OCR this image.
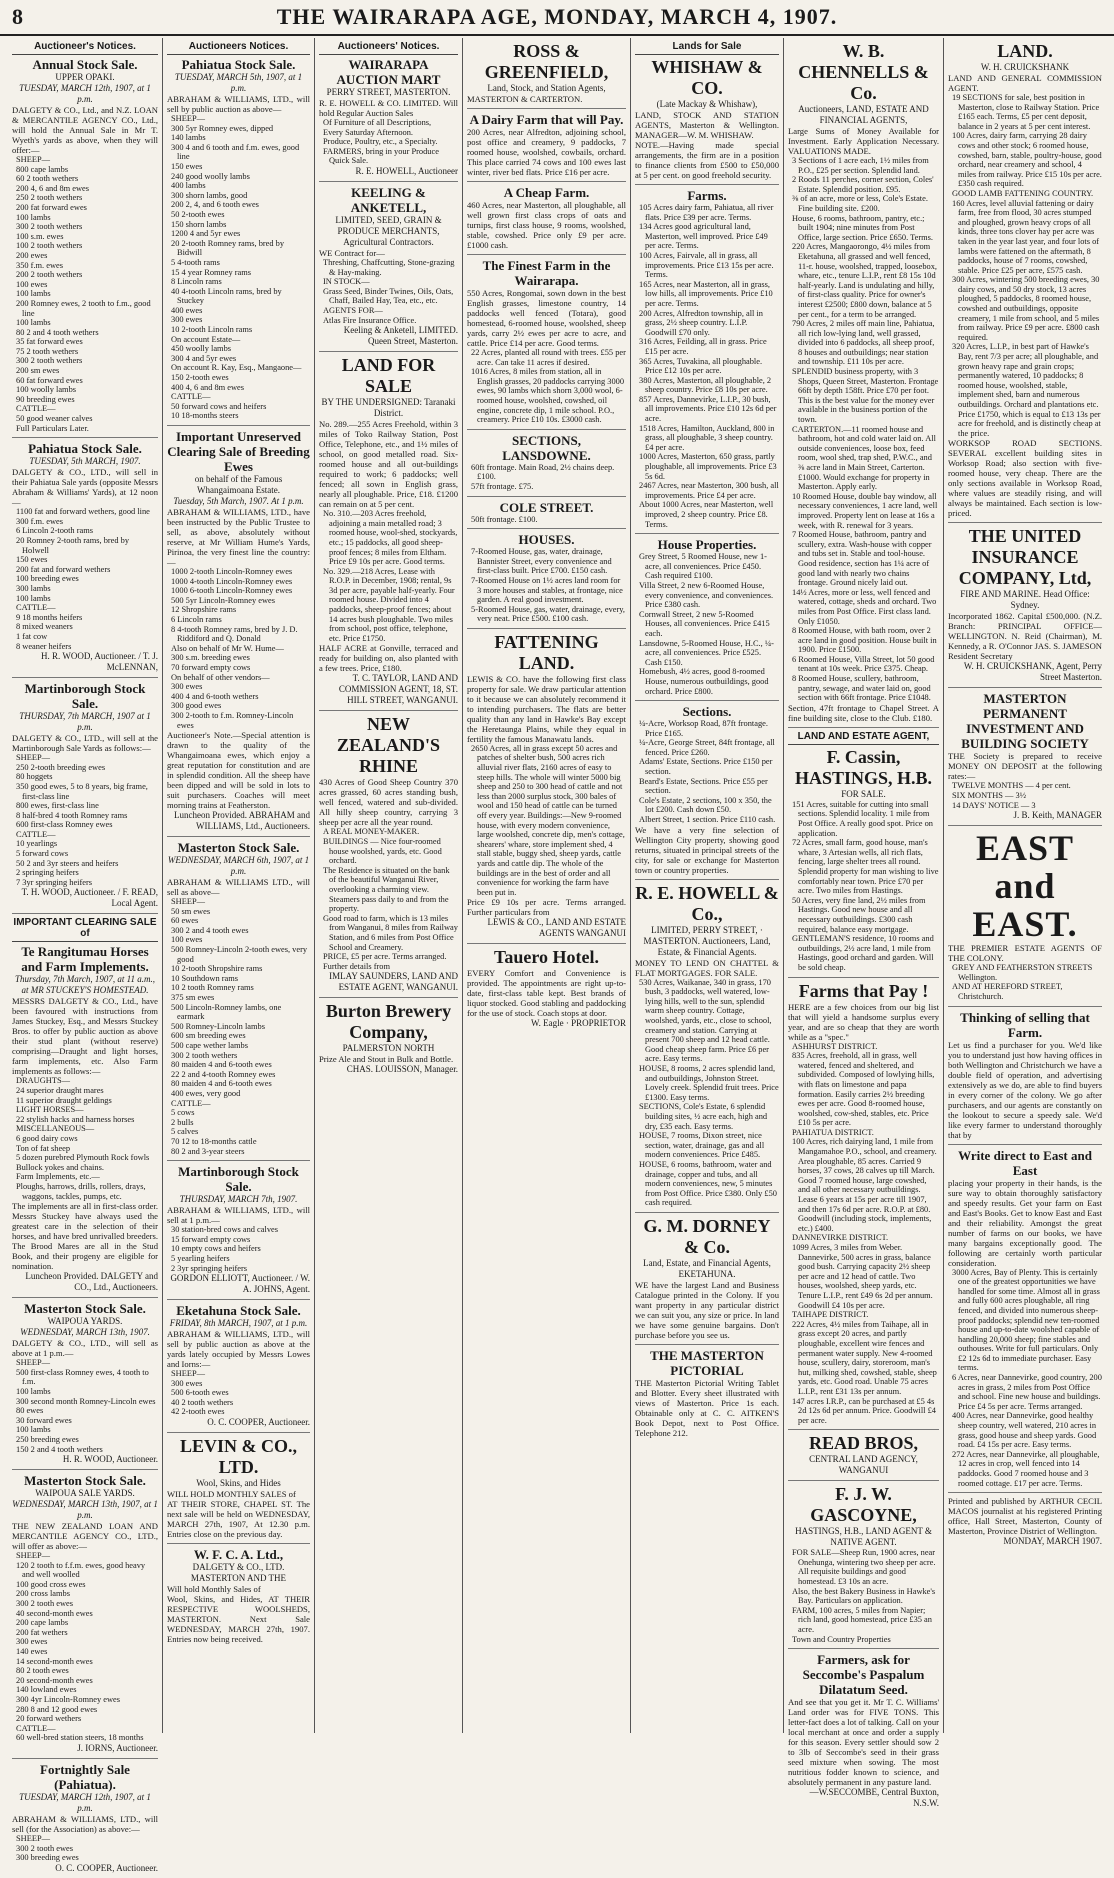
8	THE WAIRARAPA AGE, MONDAY, MARCH 4, 1907.
Auctioneer's Notices.
Annual Stock Sale.
UPPER OPAKI.
TUESDAY, MARCH 12th, 1907, at 1 p.m.
DALGETY & CO., Ltd., and N.Z. LOAN & MERCANTILE AGENCY CO., Ltd., will hold the Annual Sale in Mr T. Wyeth's yards as above, when they will offer:—
SHEEP—
800 cape lambs
60 2 tooth wethers
200 4, 6 and 8m ewes
250 2 tooth wethers
200 fat forward ewes
100 lambs
300 2 tooth wethers
100 s.m. ewes
100 2 tooth wethers
200 ewes
350 f.m. ewes
200 2 tooth wethers
100 ewes
100 lambs
200 Romney ewes, 2 tooth to f.m., good line
100 lambs
80 2 and 4 tooth wethers
35 fat forward ewes
75 2 tooth wethers
300 2 tooth wethers
200 sm ewes
60 fat forward ewes
100 woolly lambs
90 breeding ewes
CATTLE—
50 good weaner calves
Full Particulars Later.
Pahiatua Stock Sale.
TUESDAY, 5th MARCH, 1907.
DALGETY & CO., LTD., will sell in their Pahiatua Sale yards (opposite Messrs Abraham & Williams' Yards), at 12 noon—
1100 fat and forward wethers, good line
300 f.m. ewes
6 Lincoln 2-tooth rams
20 Romney 2-tooth rams, bred by Holwell
150 ewes
200 fat and forward wethers
100 breeding ewes
300 lambs
100 lambs
CATTLE—
9 18 months heifers
8 mixed weaners
1 fat cow
8 weaner heifers
H. R. WOOD, Auctioneer. / T. J. McLENNAN,
Martinborough Stock Sale.
THURSDAY, 7th MARCH, 1907 at 1 p.m.
DALGETY & CO., LTD., will sell at the Martinborough Sale Yards as follows:—
SHEEP—
250 2-tooth breeding ewes
80 hoggets
350 good ewes, 5 to 8 years, big frame, first-class line
800 ewes, first-class line
8 half-bred 4 tooth Romney rams
600 first-class Romney ewes
CATTLE—
10 yearlings
5 forward cows
50 2 and 3yr steers and heifers
2 springing heifers
7 3yr springing heifers
T. H. WOOD, Auctioneer. / F. READ, Local Agent.
IMPORTANT CLEARING SALE of
Te Rangitumau Horses and Farm Implements.
Thursday, 7th March, 1907, at 11 a.m., at MR STUCKEY'S HOMESTEAD.
MESSRS DALGETY & CO., Ltd., have been favoured with instructions from James Stuckey, Esq., and Messrs Stuckey Bros. to offer by public auction as above their stud plant (without reserve) comprising—Draught and light horses, farm implements, etc. Also Farm implements as follows:—
DRAUGHTS—
24 superior draught mares
11 superior draught geldings
LIGHT HORSES—
22 stylish hacks and harness horses
MISCELLANEOUS—
6 good dairy cows
Ton of fat sheep
5 dozen purebred Plymouth Rock fowls
Bullock yokes and chains.
Farm Implements, etc.—
Ploughs, harrows, drills, rollers, drays, waggons, tackles, pumps, etc.
The implements are all in first-class order. Messrs Stuckey have always used the greatest care in the selection of their horses, and have bred unrivalled breeders. The Brood Mares are all in the Stud Book, and their progeny are eligible for nomination.
Luncheon Provided. DALGETY and CO., Ltd., Auctioneers.
Masterton Stock Sale.
WAIPOUA YARDS.
WEDNESDAY, MARCH 13th, 1907.
DALGETY & CO., LTD., will sell as above at 1 p.m.—
SHEEP—
500 first-class Romney ewes, 4 tooth to f.m.
100 lambs
300 second month Romney-Lincoln ewes
80 ewes
30 forward ewes
100 lambs
250 breeding ewes
150 2 and 4 tooth wethers
H. R. WOOD, Auctioneer.
Masterton Stock Sale.
WAIPOUA SALE YARDS.
WEDNESDAY, MARCH 13th, 1907, at 1 p.m.
THE NEW ZEALAND LOAN AND MERCANTILE AGENCY CO., LTD., will offer as above:—
SHEEP—
120 2 tooth to f.f.m. ewes, good heavy and well woolled
100 good cross ewes
200 cross lambs
300 2 tooth ewes
40 second-month ewes
200 cape lambs
200 fat wethers
300 ewes
140 ewes
14 second-month ewes
80 2 tooth ewes
20 second-month ewes
140 lowland ewes
300 4yr Lincoln-Romney ewes
280 8 and 12 good ewes
20 forward wethers
CATTLE—
60 well-bred station steers, 18 months
J. IORNS, Auctioneer.
Fortnightly Sale (Pahiatua).
TUESDAY, MARCH 12th, 1907, at 1 p.m.
ABRAHAM & WILLIAMS, LTD., will sell (for the Association) as above:—
SHEEP—
300 2 tooth ewes
300 breeding ewes
O. C. COOPER, Auctioneer.
Auctioneers Notices.
Pahiatua Stock Sale.
TUESDAY, MARCH 5th, 1907, at 1 p.m.
ABRAHAM & WILLIAMS, LTD., will sell by public auction as above—
SHEEP—
300 5yr Romney ewes, dipped
140 lambs
300 4 and 6 tooth and f.m. ewes, good line
150 ewes
240 good woolly lambs
400 lambs
300 shorn lambs, good
200 2, 4, and 6 tooth ewes
50 2-tooth ewes
150 shorn lambs
1200 4 and 5yr ewes
20 2-tooth Romney rams, bred by Bidwill
5 4-tooth rams
15 4 year Romney rams
8 Lincoln rams
40 4-tooth Lincoln rams, bred by Stuckey
400 ewes
300 ewes
10 2-tooth Lincoln rams
On account Estate—
450 woolly lambs
300 4 and 5yr ewes
On account R. Kay, Esq., Mangaone—
150 2-tooth ewes
400 4, 6 and 8m ewes
CATTLE—
50 forward cows and heifers
10 18-months steers
Important Unreserved Clearing Sale of Breeding Ewes
on behalf of the Famous Whangaimoana Estate.
Tuesday, 5th March, 1907. At 1 p.m.
ABRAHAM & WILLIAMS, LTD., have been instructed by the Public Trustee to sell, as above, absolutely without reserve, at Mr William Hume's Yards, Pirinoa, the very finest line the country:—
1000 2-tooth Lincoln-Romney ewes
1000 4-tooth Lincoln-Romney ewes
1000 6-tooth Lincoln-Romney ewes
500 5yr Lincoln-Romney ewes
12 Shropshire rams
6 Lincoln rams
8 4-tooth Romney rams, bred by J. D. Riddiford and Q. Donald
Also on behalf of Mr W. Hume—
300 s.m. breeding ewes
70 forward empty cows
On behalf of other vendors—
300 ewes
400 4 and 6-tooth wethers
300 good ewes
300 2-tooth to f.m. Romney-Lincoln ewes
Auctioneer's Note.—Special attention is drawn to the quality of the Whangaimoana ewes, which enjoy a great reputation for constitution and are in splendid condition. All the sheep have been dipped and will be sold in lots to suit purchasers. Coaches will meet morning trains at Featherston.
Luncheon Provided. ABRAHAM and WILLIAMS, Ltd., Auctioneers.
Masterton Stock Sale.
WEDNESDAY, MARCH 6th, 1907, at 1 p.m.
ABRAHAM & WILLIAMS LTD., will sell as above—
SHEEP—
50 sm ewes
60 ewes
300 2 and 4 tooth ewes
100 ewes
500 Romney-Lincoln 2-tooth ewes, very good
10 2-tooth Shropshire rams
10 Southdown rams
10 2 tooth Romney rams
375 sm ewes
500 Lincoln-Romney lambs, one earmark
500 Romney-Lincoln lambs
600 sm breeding ewes
500 cape wether lambs
300 2 tooth wethers
80 maiden 4 and 6-tooth ewes
22 2 and 4-tooth Romney ewes
80 maiden 4 and 6-tooth ewes
400 ewes, very good
CATTLE—
5 cows
2 bulls
5 calves
70 12 to 18-months cattle
80 2 and 3-year steers
Martinborough Stock Sale.
THURSDAY, MARCH 7th, 1907.
ABRAHAM & WILLIAMS, LTD., will sell at 1 p.m.—
30 station-bred cows and calves
15 forward empty cows
10 empty cows and heifers
5 yearling heifers
2 3yr springing heifers
GORDON ELLIOTT, Auctioneer. / W. A. JOHNS, Agent.
Eketahuna Stock Sale.
FRIDAY, 8th MARCH, 1907, at 1 p.m.
ABRAHAM & WILLIAMS, LTD., will sell by public auction as above at the yards lately occupied by Messrs Lowes and Iorns:—
SHEEP—
300 ewes
500 6-tooth ewes
40 2 tooth wethers
42 2-tooth ewes
O. C. COOPER, Auctioneer.
LEVIN & CO., LTD.
Wool, Skins, and Hides
WILL HOLD MONTHLY SALES of
AT THEIR STORE, CHAPEL ST. The next sale will be held on WEDNESDAY, MARCH 27th, 1907, At 12.30 p.m. Entries close on the previous day.
W. F. C. A. Ltd.,
DALGETY & CO., LTD. MASTERTON AND THE
Will hold Monthly Sales of
Wool, Skins, and Hides, AT THEIR RESPECTIVE WOOLSHEDS, MASTERTON. Next Sale WEDNESDAY, MARCH 27th, 1907. Entries now being received.
Auctioneers' Notices.
WAIRARAPA AUCTION MART
PERRY STREET, MASTERTON.
R. E. HOWELL & CO. LIMITED. Will hold Regular Auction Sales
Of Furniture of all Descriptions,
Every Saturday Afternoon.
Produce, Poultry, etc., a Specialty.
FARMERS, bring in your Produce Quick Sale.
R. E. HOWELL, Auctioneer
KEELING & ANKETELL,
LIMITED, SEED, GRAIN & PRODUCE MERCHANTS, Agricultural Contractors.
WE Contract for—
Threshing, Chaffcutting, Stone-grazing & Hay-making.
IN STOCK—
Grass Seed, Binder Twines, Oils, Oats, Chaff, Bailed Hay, Tea, etc., etc.
AGENTS FOR—
Atlas Fire Insurance Office.
Keeling & Anketell, LIMITED. Queen Street, Masterton.
LAND FOR SALE
BY THE UNDERSIGNED: Taranaki District.
No. 289.—255 Acres Freehold, within 3 miles of Toko Railway Station, Post Office, Telephone, etc., and 1½ miles of school, on good metalled road. Six-roomed house and all out-buildings required to work; 6 paddocks; well fenced; all sown in English grass, nearly all ploughable. Price, £18. £1200 can remain on at 5 per cent.
No. 310.—203 Acres freehold, adjoining a main metalled road; 3 roomed house, wool-shed, stockyards, etc.; 15 paddocks, all good sheep-proof fences; 8 miles from Eltham. Price £9 10s per acre. Good terms.
No. 329.—218 Acres, Lease with R.O.P. in December, 1908; rental, 9s 3d per acre, payable half-yearly. Four roomed house. Divided into 4 paddocks, sheep-proof fences; about 14 acres bush ploughable. Two miles from school, post office, telephone, etc. Price £1750.
HALF ACRE at Gonville, terraced and ready for building on, also planted with a few trees. Price, £180.
T. C. TAYLOR, LAND AND COMMISSION AGENT, 18, ST. HILL STREET, WANGANUI.
NEW ZEALAND'S RHINE
430 Acres of Good Sheep Country 370 acres grassed, 60 acres standing bush, well fenced, watered and sub-divided. All hilly sheep country, carrying 3 sheep per acre all the year round.
A REAL MONEY-MAKER.
BUILDINGS — Nice four-roomed house woolshed, yards, etc. Good orchard.
The Residence is situated on the bank of the beautiful Wanganui River, overlooking a charming view. Steamers pass daily to and from the property.
Good road to farm, which is 13 miles from Wanganui, 8 miles from Railway Station, and 6 miles from Post Office School and Creamery.
PRICE, £5 per acre. Terms arranged.
Further details from
IMLAY SAUNDERS, LAND AND ESTATE AGENT, WANGANUI.
Burton Brewery Company,
PALMERSTON NORTH
Prize Ale and Stout in Bulk and Bottle.
CHAS. LOUISSON, Manager.
ROSS & GREENFIELD,
Land, Stock, and Station Agents,
MASTERTON & CARTERTON.
A Dairy Farm that will Pay.
200 Acres, near Alfredton, adjoining school, post office and creamery, 9 paddocks, 7 roomed house, woolshed, cowbails, orchard. This place carried 74 cows and 100 ewes last winter, river bed flats. Price £16 per acre.
A Cheap Farm.
460 Acres, near Masterton, all ploughable, all well grown first class crops of oats and turnips, first class house, 9 rooms, woolshed, stable, cowshed. Price only £9 per acre. £1000 cash.
The Finest Farm in the Wairarapa.
550 Acres, Rongomai, sown down in the best English grasses, limestone country, 14 paddocks well fenced (Totara), good homestead, 6-roomed house, woolshed, sheep yards, carry 2½ ewes per acre to acre, and cattle. Price £14 per acre. Good terms.
22 Acres, planted all round with trees. £55 per acre. Can take 11 acres if desired.
1016 Acres, 8 miles from station, all in English grasses, 20 paddocks carrying 3000 ewes, 90 lambs which shorn 3,000 wool, 6-roomed house, woolshed, cowshed, oil engine, concrete dip, 1 mile school. P.O., creamery. Price £10 10s. £3000 cash.
SECTIONS, LANSDOWNE.
60ft frontage. Main Road, 2½ chains deep. £100.
57ft frontage. £75.
COLE STREET.
50ft frontage. £100.
HOUSES.
7-Roomed House, gas, water, drainage, Bannister Street, every convenience and first-class built. Price £700. £150 cash.
7-Roomed House on 1½ acres land room for 3 more houses and stables, at frontage, nice garden. A real good investment.
5-Roomed House, gas, water, drainage, every, very neat. Price £500. £100 cash.
FATTENING LAND.
LEWIS & CO. have the following first class property for sale. We draw particular attention to it because we can absolutely recommend it to intending purchasers. The flats are better quality than any land in Hawke's Bay except the Heretaunga Plains, while they equal in fertility the famous Manawatu lands.
2650 Acres, all in grass except 50 acres and patches of shelter bush, 500 acres rich alluvial river flats, 2160 acres of easy to steep hills. The whole will winter 5000 big sheep and 250 to 300 head of cattle and not less than 2000 surplus stock, 300 bales of wool and 150 head of cattle can be turned off every year. Buildings:—New 9-roomed house, with every modern convenience, large woolshed, concrete dip, men's cottage, shearers' whare, store implement shed, 4 stall stable, buggy shed, sheep yards, cattle yards and cattle dip. The whole of the buildings are in the best of order and all convenience for working the farm have been put in.
Price £9 10s per acre. Terms arranged. Further particulars from
LEWIS & CO., LAND AND ESTATE AGENTS WANGANUI
Tauero Hotel.
EVERY Comfort and Convenience is provided. The appointments are right up-to-date, first-class table kept. Best brands of liquor stocked. Good stabling and paddocking for the use of stock. Coach stops at door.
W. Eagle · PROPRIETOR
Lands for Sale
WHISHAW & CO.
(Late Mackay & Whishaw),
LAND, STOCK AND STATION AGENTS, Masterton & Wellington. MANAGER—W. M. WHISHAW.
NOTE.—Having made special arrangements, the firm are in a position to finance clients from £500 to £50,000 at 5 per cent. on good freehold security.
Farms.
105 Acres dairy farm, Pahiatua, all river flats. Price £39 per acre. Terms.
134 Acres good agricultural land, Masterton, well improved. Price £49 per acre. Terms.
100 Acres, Fairvale, all in grass, all improvements. Price £13 15s per acre. Terms.
165 Acres, near Masterton, all in grass, low hills, all improvements. Price £10 per acre. Terms.
200 Acres, Alfredton township, all in grass, 2½ sheep country. L.I.P. Goodwill £70 only.
316 Acres, Feilding, all in grass. Price £15 per acre.
365 Acres, Tuvakina, all ploughable. Price £12 10s per acre.
380 Acres, Masterton, all ploughable, 2 sheep country. Price £8 10s per acre.
857 Acres, Dannevirke, L.I.P., 30 bush, all improvements. Price £10 12s 6d per acre.
1518 Acres, Hamilton, Auckland, 800 in grass, all ploughable, 3 sheep country. £4 per acre.
1000 Acres, Masterton, 650 grass, partly ploughable, all improvements. Price £3 5s 6d.
2467 Acres, near Masterton, 300 bush, all improvements. Price £4 per acre.
About 1000 Acres, near Masterton, well improved, 2 sheep country. Price £8. Terms.
House Properties.
Grey Street, 5 Roomed House, new 1-acre, all conveniences. Price £450. Cash required £100.
Villa Street, 2 new 6-Roomed House, every convenience, and conveniences. Price £380 cash.
Cornwall Street, 2 new 5-Roomed Houses, all conveniences. Price £415 each.
Lansdowne, 5-Roomed House, H.C., ¼-acre, all conveniences. Price £525. Cash £150.
Homebush, 4½ acres, good 8-roomed House, numerous outbuildings, good orchard. Price £800.
Sections.
¼-Acre, Worksop Road, 87ft frontage. Price £165.
¼-Acre, George Street, 84ft frontage, all fenced. Price £260.
Adams' Estate, Sections. Price £150 per section.
Beard's Estate, Sections. Price £55 per section.
Cole's Estate, 2 sections, 100 x 350, the lot £200. Cash down £50.
Albert Street, 1 section. Price £110 cash.
We have a very fine selection of Wellington City property, showing good returns, situated in principal streets of the city, for sale or exchange for Masterton town or country properties.
R. E. HOWELL & Co.,
LIMITED, PERRY STREET, · MASTERTON. Auctioneers, Land, Estate, & Financial Agents.
MONEY TO LEND ON CHATTEL & FLAT MORTGAGES. FOR SALE.
530 Acres, Waikanae, 340 in grass, 170 bush, 3 paddocks, well watered, low-lying hills, well to the sun, splendid warm sheep country. Cottage, woolshed, yards, etc., close to school, creamery and station. Carrying at present 700 sheep and 12 head cattle. Good cheap sheep farm. Price £6 per acre. Easy terms.
HOUSE, 8 rooms, 2 acres splendid land, and outbuildings, Johnston Street. Lovely creek. Splendid fruit trees. Price £1300. Easy terms.
SECTIONS, Cole's Estate, 6 splendid building sites, ½ acre each, high and dry, £35 each. Easy terms.
HOUSE, 7 rooms, Dixon street, nice section, water, drainage, gas and all modern conveniences. Price £485.
HOUSE, 6 rooms, bathroom, water and drainage, copper and tubs, and all modern conveniences, new, 5 minutes from Post Office. Price £380. Only £50 cash required.
G. M. DORNEY & Co.
Land, Estate, and Financial Agents, EKETAHUNA.
WE have the largest Land and Business Catalogue printed in the Colony. If you want property in any particular district we can suit you, any size or price. In land we have some genuine bargains. Don't purchase before you see us.
THE MASTERTON PICTORIAL
THE Masterton Pictorial Writing Tablet and Blotter. Every sheet illustrated with views of Masterton. Price 1s each. Obtainable only at C. C. AITKEN'S Book Depot, next to Post Office. Telephone 212.
W. B. CHENNELLS & Co.
Auctioneers, LAND, ESTATE AND FINANCIAL AGENTS,
Large Sums of Money Available for Investment. Early Application Necessary. VALUATIONS MADE.
3 Sections of 1 acre each, 1½ miles from P.O., £25 per section. Splendid land.
2 Roods 11 perches, corner section, Coles' Estate. Splendid position. £95.
⅜ of an acre, more or less, Cole's Estate. Fine building site. £200.
House, 6 rooms, bathroom, pantry, etc.; built 1904; nine minutes from Post Office, large section. Price £650. Terms.
220 Acres, Mangaorongo, 4½ miles from Eketahuna, all grassed and well fenced, 11-r. house, woolshed, trapped, loosebox, whare, etc., tenure L.I.P., rent £8 15s 10d half-yearly. Land is undulating and hilly, of first-class quality. Price for owner's interest £2500; £800 down, balance at 5 per cent., for a term to be arranged.
790 Acres, 2 miles off main line, Pahiatua, all rich low-lying land, well grassed, divided into 6 paddocks, all sheep proof, 8 houses and outbuildings; near station and township. £11 10s per acre.
SPLENDID business property, with 3 Shops, Queen Street, Masterton. Frontage 66ft by depth 158ft. Price £70 per foot. This is the best value for the money ever available in the business portion of the town.
CARTERTON.—11 roomed house and bathroom, hot and cold water laid on. All outside conveniences, loose box, feed room, wool shed, trap shed, P.W.C., and ⅜ acre land in Main Street, Carterton. £1000. Would exchange for property in Masterton. Apply early.
10 Roomed House, double bay window, all necessary conveniences, 1 acre land, well improved. Property lent on lease at 16s a week, with R. renewal for 3 years.
7 Roomed House, bathroom, pantry and scullery, extra. Wash-house with copper and tubs set in. Stable and tool-house. Good residence, section has 1¼ acre of good land with nearly two chains frontage. Ground nicely laid out.
14½ Acres, more or less, well fenced and watered, cottage, sheds and orchard. Two miles from Post Office. First class land. Only £1050.
8 Roomed House, with bath room, over 2 acre land in good position. House built in 1900. Price £1500.
6 Roomed House, Villa Street, lot 50 good tenant at 10s week. Price £375. Cheap.
8 Roomed House, scullery, bathroom, pantry, sewage, and water laid on, good section with 66ft frontage. Price £1048.
Section, 47ft frontage to Chapel Street. A fine building site, close to the Club. £180.
LAND AND ESTATE AGENT,
F. Cassin, HASTINGS, H.B.
FOR SALE.
151 Acres, suitable for cutting into small sections. Splendid locality. 1 mile from Post Office. A really good spot. Price on application.
72 Acres, small farm, good house, man's whare, 3 Artesian wells, all rich flats, fencing, large shelter trees all round. Splendid property for man wishing to live comfortably near town. Price £70 per acre. Two miles from Hastings.
50 Acres, very fine land, 2½ miles from Hastings. Good new house and all necessary outbuildings. £300 cash required, balance easy mortgage.
GENTLEMAN'S residence, 10 rooms and outbuildings, 2½ acre land, 1 mile from Hastings, good orchard and garden. Will be sold cheap.
Farms that Pay !
HERE are a few choices from our big list that will yield a handsome surplus every year, and are so cheap that they are worth while as a "spec."
ASHHURST DISTRICT.
835 Acres, freehold, all in grass, well watered, fenced and sheltered, and subdivided. Composed of lowlying hills, with flats on limestone and papa formation. Easily carries 2½ breeding ewes per acre. Good 8-roomed house, woolshed, cow-shed, stables, etc. Price £10 5s per acre.
PAHIATUA DISTRICT.
100 Acres, rich dairying land, 1 mile from Mangamahoe P.O., school, and creamery. Area ploughable, 85 acres. Carried 9 horses, 37 cows, 28 calves up till March. Good 7 roomed house, large cowshed, and all other necessary outbuildings. Lease 6 years at 15s per acre till 1907, and then 17s 6d per acre. R.O.P. at £80. Goodwill (including stock, implements, etc.) £400.
DANNEVIRKE DISTRICT.
1099 Acres, 3 miles from Weber. Dannevirke, 500 acres in grass, balance good bush. Carrying capacity 2½ sheep per acre and 12 head of cattle. Two houses, woolshed, sheep yards, etc. Tenure L.I.P., rent £49 6s 2d per annum. Goodwill £4 10s per acre.
TAIHAPE DISTRICT.
222 Acres, 4½ miles from Taihape, all in grass except 20 acres, and partly ploughable, excellent wire fences and permanent water supply. New 4-roomed house, scullery, dairy, storeroom, man's hut, milking shed, cowshed, stable, sheep yards, etc. Good road. Unable 75 acres L.I.P., rent £31 13s per annum.
147 acres I.R.P., can be purchased at £5 4s 2d 12s 6d per annum. Price. Goodwill £4 per acre.
READ BROS,
CENTRAL LAND AGENCY, WANGANUI
F. J. W. GASCOYNE,
HASTINGS, H.B., LAND AGENT & NATIVE AGENT.
FOR SALE—Sheep Run, 1900 acres, near Onehunga, wintering two sheep per acre. All requisite buildings and good homestead. £3 10s an acre.
Also, the best Bakery Business in Hawke's Bay. Particulars on application.
FARM, 100 acres, 5 miles from Napier; rich land, good homestead, price £35 an acre.
Town and Country Properties
Farmers, ask for Seccombe's Paspalum Dilatatum Seed.
And see that you get it. Mr T. C. Williams' Land order was for FIVE TONS. This letter-fact does a lot of talking. Call on your local merchant at once and order a supply for this season. Every settler should sow 2 to 3lb of Seccombe's seed in their grass seed mixture when sowing. The most nutritious fodder known to science, and absolutely permanent in any pasture land.
—W.SECCOMBE, Central Buxton, N.S.W.
LAND.
W. H. CRUICKSHANK
LAND AND GENERAL COMMISSION AGENT.
19 SECTIONS for sale, best position in Masterton, close to Railway Station. Price £165 each. Terms, £5 per cent deposit, balance in 2 years at 5 per cent interest.
100 Acres, dairy farm, carrying 28 dairy cows and other stock; 6 roomed house, cowshed, barn, stable, poultry-house, good orchard, near creamery and school, 4 miles from railway. Price £15 10s per acre. £350 cash required.
GOOD LAMB FATTENING COUNTRY.
160 Acres, level alluvial fattening or dairy farm, free from flood, 30 acres stumped and ploughed, grown heavy crops of all kinds, three tons clover hay per acre was taken in the year last year, and four lots of lambs were fattened on the aftermath, 8 paddocks, house of 7 rooms, cowshed, stable. Price £25 per acre, £575 cash.
300 Acres, wintering 500 breeding ewes, 30 dairy cows, and 50 dry stock, 13 acres ploughed, 5 paddocks, 8 roomed house, cowshed and outbuildings, opposite creamery, 1 mile from school, and 5 miles from railway. Price £9 per acre. £800 cash required.
320 Acres, L.I.P., in best part of Hawke's Bay, rent 7/3 per acre; all ploughable, and grown heavy rape and grain crops; permanently watered, 10 paddocks; 8 roomed house, woolshed, stable, implement shed, barn and numerous outbuildings. Orchard and plantations etc. Price £1750, which is equal to £13 13s per acre for freehold, and is distinctly cheap at the price.
WORKSOP ROAD SECTIONS. SEVERAL excellent building sites in Worksop Road; also section with five-roomed house, very cheap. There are the only sections available in Worksop Road, where values are steadily rising, and will always be maintained. Each section is low-priced.
THE UNITED INSURANCE COMPANY, Ltd,
FIRE AND MARINE. Head Office: Sydney.
Incorporated 1862. Capital £500,000. (N.Z. Branch: PRINCIPAL OFFICE—WELLINGTON. N. Reid (Chairman), M. Kennedy, a R. O'Connor JAS. S. JAMESON Resident Secretary
W. H. CRUICKSHANK, Agent, Perry Street Masterton.
MASTERTON PERMANENT INVESTMENT AND BUILDING SOCIETY
THE Society is prepared to receive MONEY ON DEPOSIT at the following rates:—
TWELVE MONTHS — 4 per cent.
SIX MONTHS — 3½
14 DAYS' NOTICE — 3
J. B. Keith, MANAGER
EAST and EAST.
THE PREMIER ESTATE AGENTS OF THE COLONY.
GREY AND FEATHERSTON STREETS Wellington.
AND AT HEREFORD STREET, Christchurch.
Thinking of selling that Farm.
Let us find a purchaser for you. We'd like you to understand just how having offices in both Wellington and Christchurch we have a double field of operation, and advertising extensively as we do, are able to find buyers in every corner of the colony. We go after purchasers, and our agents are constantly on the lookout to secure a speedy sale. We'd like every farmer to understand thoroughly that by
Write direct to East and East
placing your property in their hands, is the sure way to obtain thoroughly satisfactory and speedy results. Get your farm on East and East's Books. Get to know East and East and their reliability. Amongst the great number of farms on our books, we have many bargains exceptionally good. The following are certainly worth particular consideration.
3000 Acres, Bay of Plenty. This is certainly one of the greatest opportunities we have handled for some time. Almost all in grass and fully 600 acres ploughable, all ring fenced, and divided into numerous sheep-proof paddocks; splendid new ten-roomed house and up-to-date woolshed capable of handling 20,000 sheep; fine stables and outhouses. Write for full particulars. Only £2 12s 6d to immediate purchaser. Easy terms.
6 Acres, near Dannevirke, good country, 200 acres in grass, 2 miles from Post Office and school. Fine new house and buildings. Price £4 5s per acre. Terms arranged.
400 Acres, near Dannevirke, good healthy sheep country, well watered, 210 acres in grass, good house and sheep yards. Good road. £4 15s per acre. Easy terms.
272 Acres, near Dannevirke, all ploughable, 12 acres in crop, well fenced into 14 paddocks. Good 7 roomed house and 3 roomed cottage. £17 per acre. Terms.
Printed and published by ARTHUR CECIL MACOS journalist at his registered Printing office, Hall Street, Masterton, County of Masterton, Province District of Wellington.
MONDAY, MARCH 1907.
